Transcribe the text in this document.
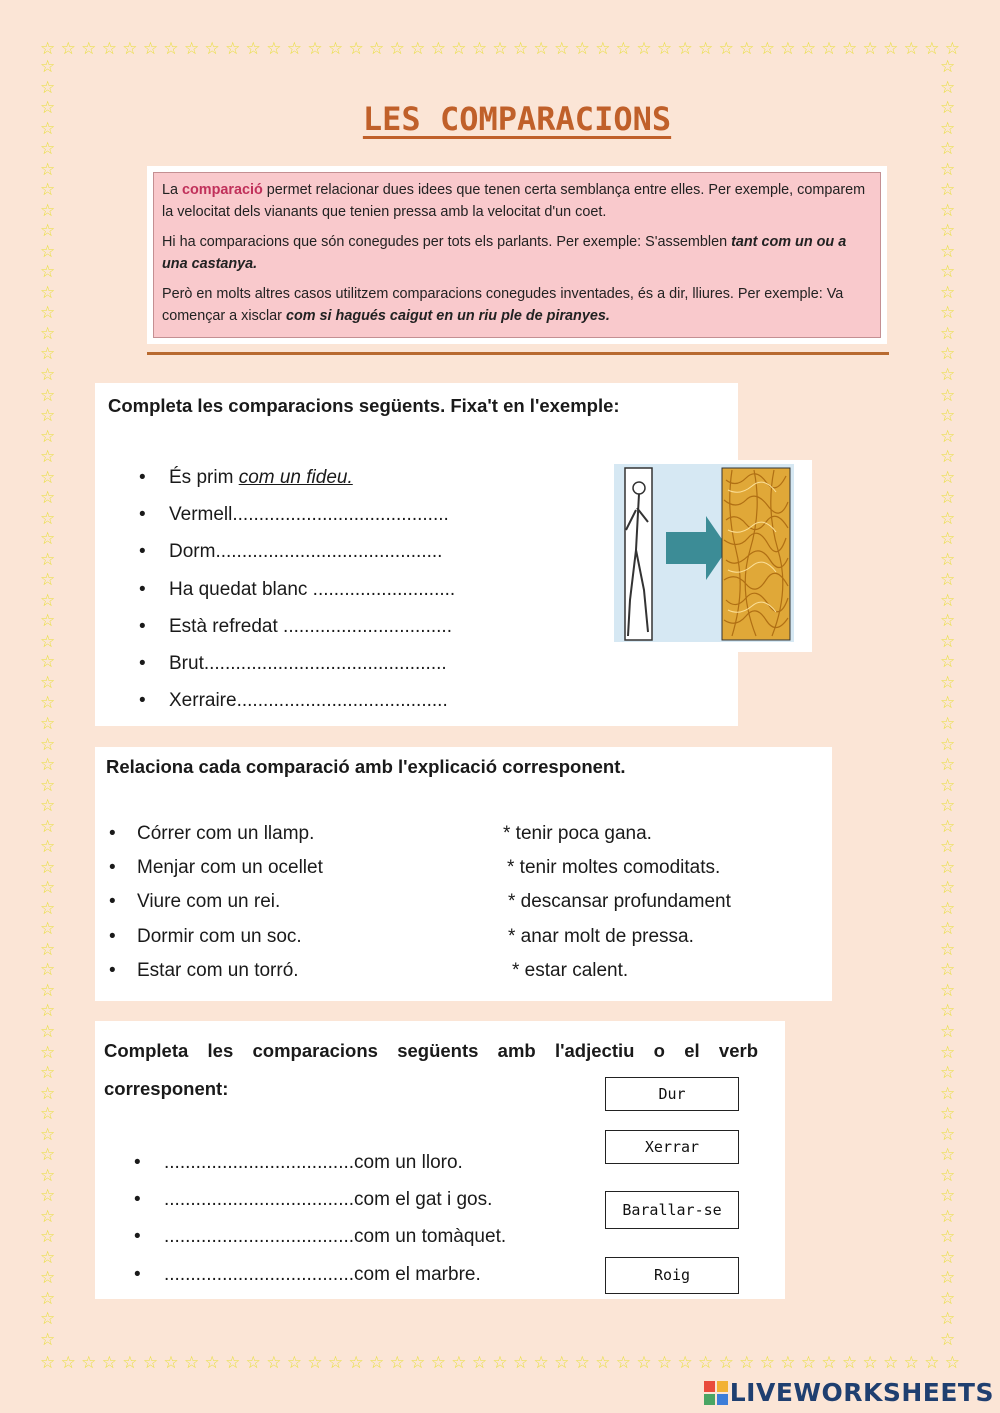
☆ ☆ ☆ ☆ ☆ ☆ ☆ ☆ ☆ ☆ ☆ ☆ ☆ ☆ ☆ ☆ ☆ ☆ ☆ ☆ ☆ ☆ ☆ ☆ ☆ ☆ ☆ ☆ ☆ ☆ ☆ ☆ ☆ ☆ ☆ ☆ ☆ ☆ ☆ ☆ ☆ ☆ ☆ ☆ ☆
☆ ☆ ☆ ☆ ☆ ☆ ☆ ☆ ☆ ☆ ☆ ☆ ☆ ☆ ☆ ☆ ☆ ☆ ☆ ☆ ☆ ☆ ☆ ☆ ☆ ☆ ☆ ☆ ☆ ☆ ☆ ☆ ☆ ☆ ☆ ☆ ☆ ☆ ☆ ☆ ☆ ☆ ☆ ☆ ☆
☆
☆
☆
☆
☆
☆
☆
☆
☆
☆
☆
☆
☆
☆
☆
☆
☆
☆
☆
☆
☆
☆
☆
☆
☆
☆
☆
☆
☆
☆
☆
☆
☆
☆
☆
☆
☆
☆
☆
☆
☆
☆
☆
☆
☆
☆
☆
☆
☆
☆
☆
☆
☆
☆
☆
☆
☆
☆
☆
☆
☆
☆
☆
☆
☆
☆
☆
☆
☆
☆
☆
☆
☆
☆
☆
☆
☆
☆
☆
☆
☆
☆
☆
☆
☆
☆
☆
☆
☆
☆
☆
☆
☆
☆
☆
☆
☆
☆
☆
☆
☆
☆
☆
☆
☆
☆
☆
☆
☆
☆
☆
☆
☆
☆
☆
☆
☆
☆
☆
☆
☆
☆
☆
☆
☆
☆
LES COMPARACIONS

La comparació permet relacionar dues idees que tenen certa semblança entre elles. Per exemple, comparem la velocitat dels vianants que tenien pressa amb la velocitat d'un coet.

Hi ha comparacions que són conegudes per tots els parlants. Per exemple: S'assemblen tant com un ou a una castanya.

Però en molts altres casos utilitzem comparacions conegudes inventades, és a dir, lliures. Per exemple: Va començar a xisclar com si hagués caigut en un riu ple de piranyes.

Completa les comparacions següents. Fixa't en l'exemple:
• És prim com un fideu.
• Vermell.........................................
• Dorm...........................................
• Ha quedat blanc ...........................
• Està refredat ................................
• Brut..............................................
• Xerraire........................................
Relaciona cada comparació amb l'explicació corresponent.
• Córrer com un llamp.
• Menjar com un ocellet
• Viure com un rei.
• Dormir com un soc.
• Estar com un torró.
* tenir poca gana.
* tenir moltes comoditats.
* descansar profundament
* anar molt de pressa.
* estar calent.
Completa les comparacions següents amb l'adjectiu o el verb
corresponent:
• ....................................com un lloro.
• ....................................com el gat i gos.
• ....................................com un tomàquet.
• ....................................com el marbre.
Dur
Xerrar
Barallar-se
Roig
LIVEWORKSHEETS
